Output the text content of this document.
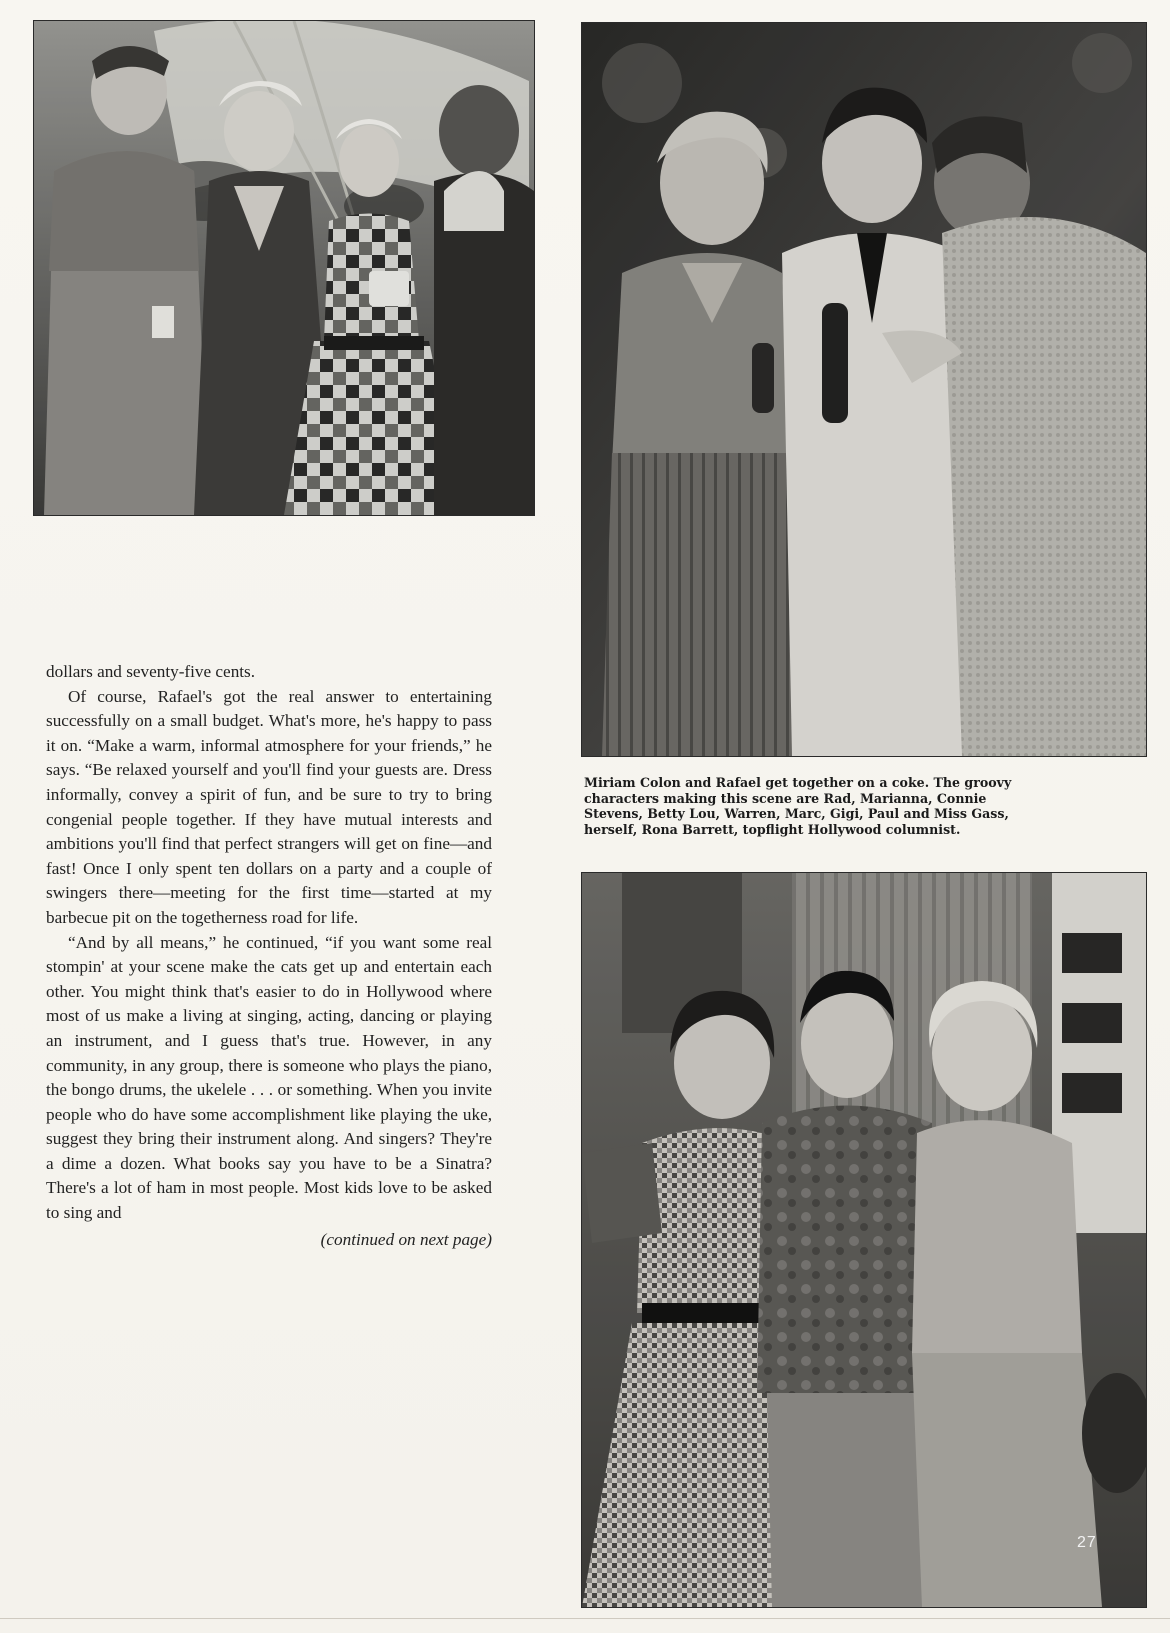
Miriam Colon and Rafael get together on a coke. The groovy characters making this scene are Rad, Marianna, Connie Stevens, Betty Lou, Warren, Marc, Gigi, Paul and Miss Gass, herself, Rona Barrett, topflight Hollywood columnist.

dollars and seventy-five cents.

Of course, Rafael's got the real answer to entertaining successfully on a small budget. What's more, he's happy to pass it on. “Make a warm, informal atmosphere for your friends,” he says. “Be relaxed yourself and you'll find your guests are. Dress informally, convey a spirit of fun, and be sure to try to bring congenial people together. If they have mutual interests and ambitions you'll find that perfect strangers will get on fine—and fast! Once I only spent ten dollars on a party and a couple of swingers there—meeting for the first time—started at my barbecue pit on the togetherness road for life.

“And by all means,” he continued, “if you want some real stompin' at your scene make the cats get up and entertain each other. You might think that's easier to do in Hollywood where most of us make a living at singing, acting, dancing or playing an instrument, and I guess that's true. However, in any community, in any group, there is someone who plays the piano, the bongo drums, the ukelele . . . or something. When you invite people who do have some accomplishment like playing the uke, suggest they bring their instrument along. And singers? They're a dime a dozen. What books say you have to be a Sinatra? There's a lot of ham in most people. Most kids love to be asked to sing and

(continued on next page)

27
